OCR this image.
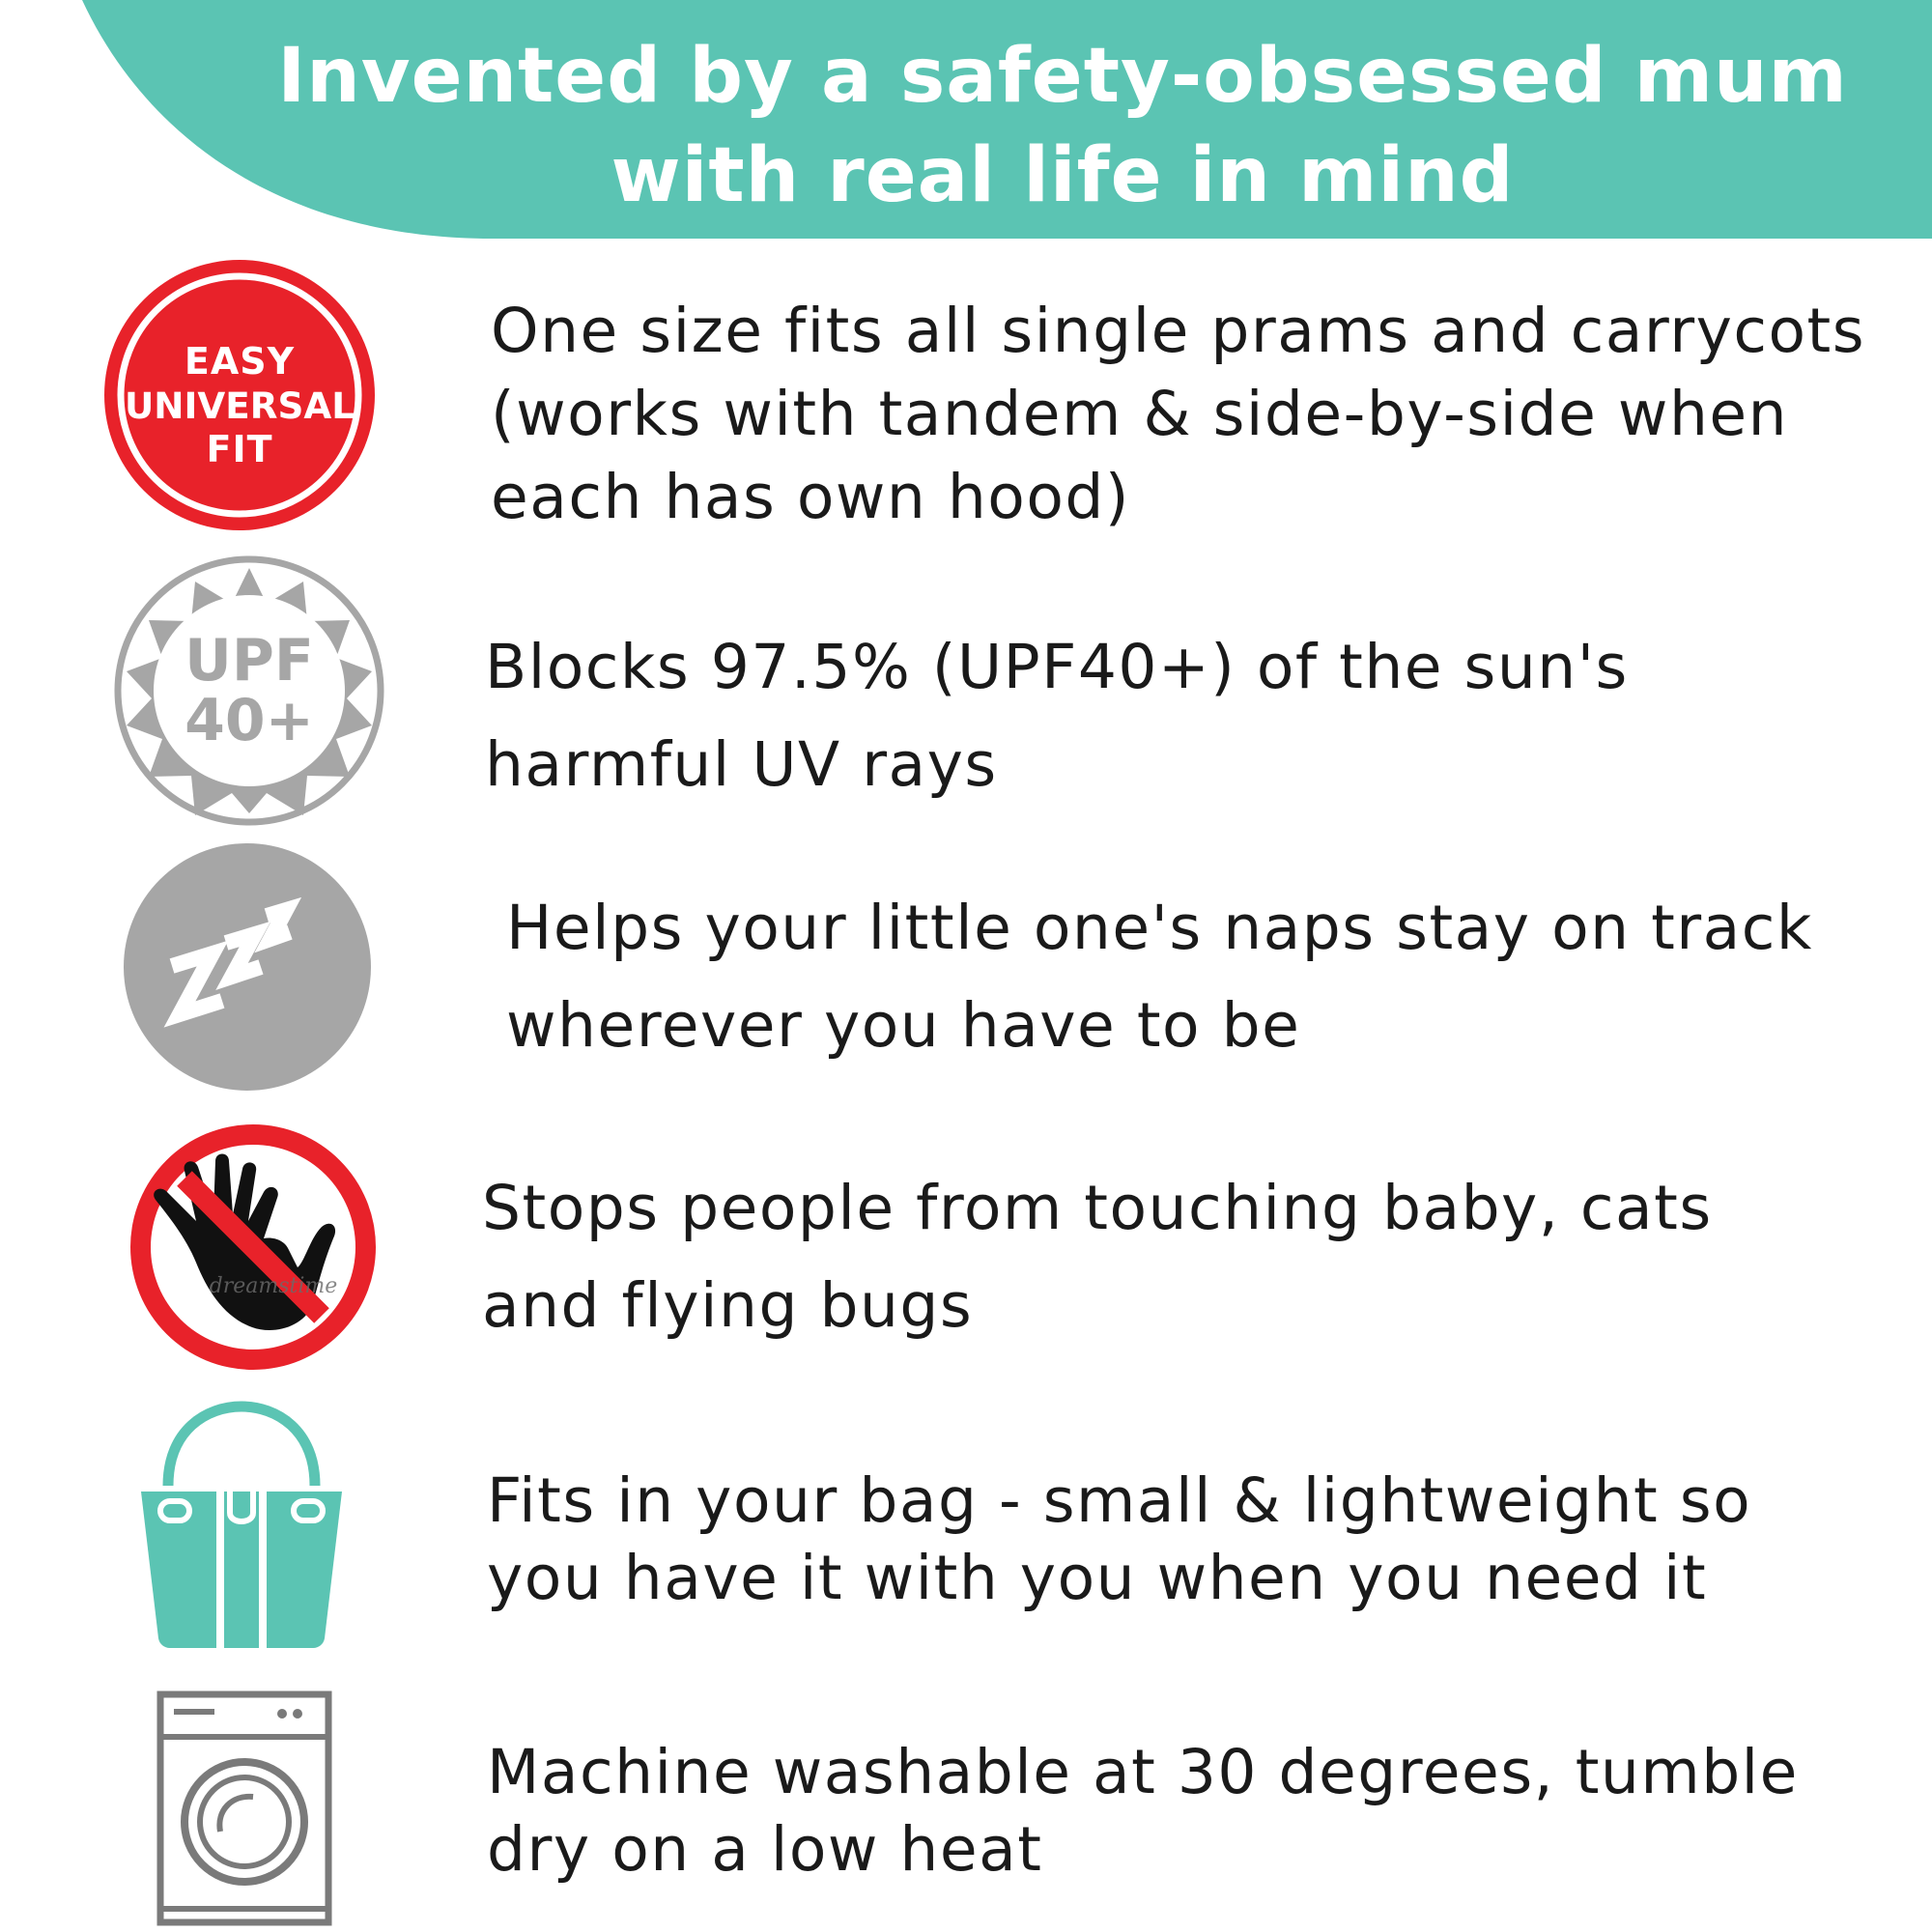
Invented by a safety-obsessed mum
with real life in mind
EASY
UNIVERSAL
FIT
One size fits all single prams and carrycots
(works with tandem & side-by-side when
each has own hood)
UPF
40+
Blocks 97.5% (UPF40+) of the sun's
harmful UV rays
Helps your little one's naps stay on track
wherever you have to be
dreamstime
Stops people from touching baby, cats
and flying bugs
Fits in your bag - small & lightweight so
you have it with you when you need it
Machine washable at 30 degrees, tumble
dry on a low heat
